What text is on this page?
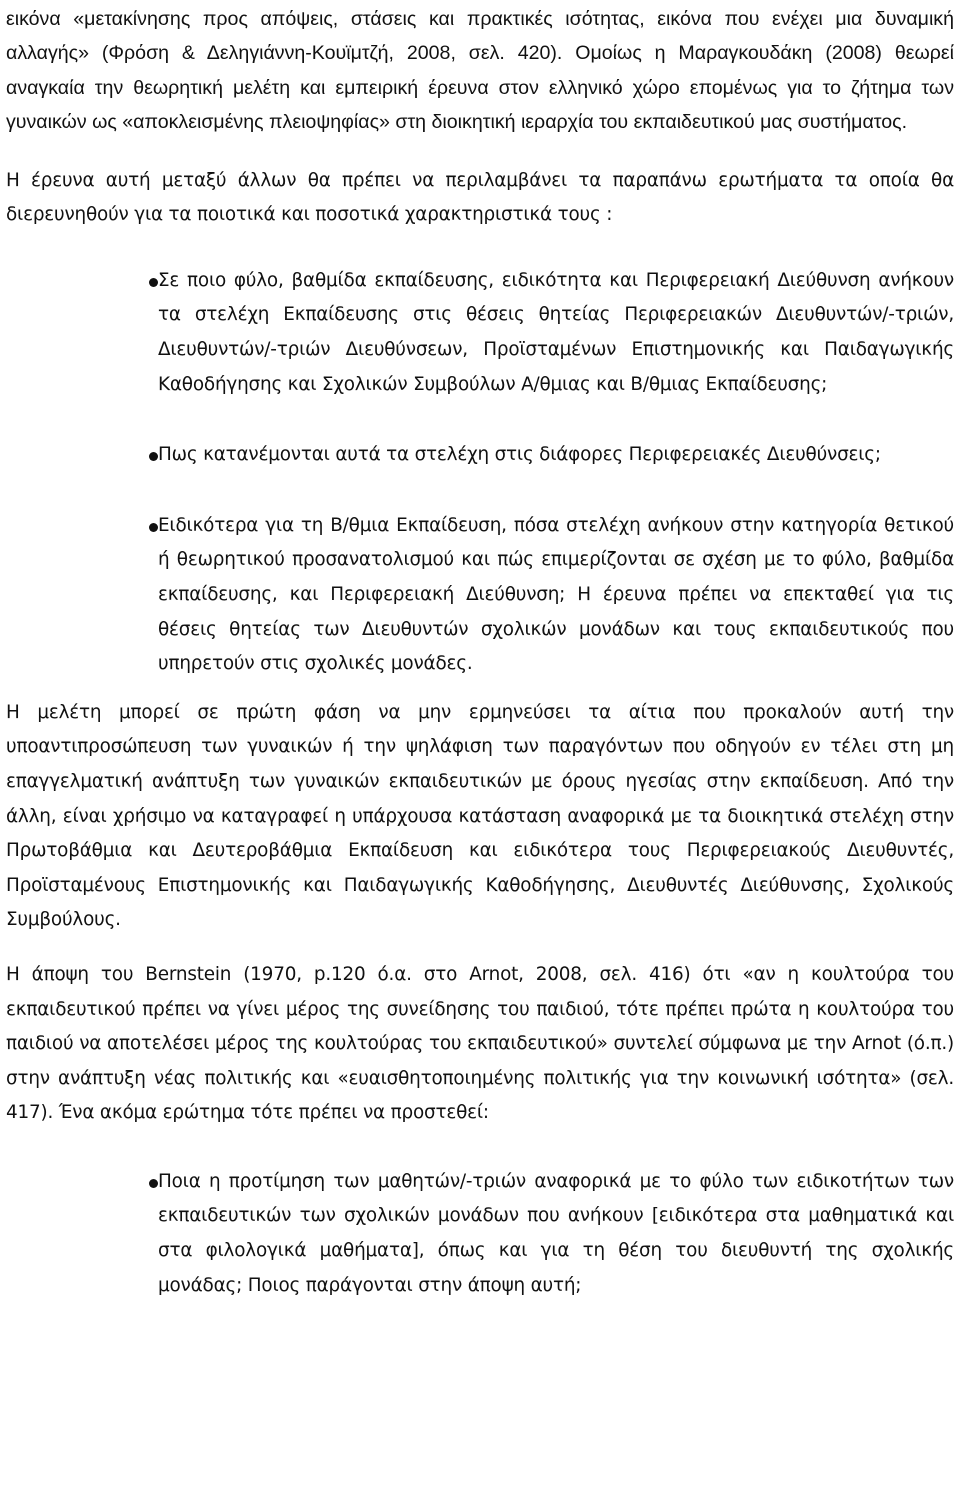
εικόνα «μετακίνησης προς απόψεις, στάσεις και πρακτικές ισότητας, εικόνα που ενέχει μια δυναμική αλλαγής» (Φρόση & Δεληγιάννη-Κουϊμτζή, 2008, σελ. 420). Ομοίως η Μαραγκουδάκη (2008) θεωρεί αναγκαία την θεωρητική μελέτη και εμπειρική έρευνα στον ελληνικό χώρο επομένως για το ζήτημα των γυναικών ως «αποκλεισμένης πλειοψηφίας» στη διοικητική ιεραρχία του εκπαιδευτικού μας συστήματος.

Η έρευνα αυτή μεταξύ άλλων θα πρέπει να περιλαμβάνει τα παραπάνω ερωτήματα τα οποία θα διερευνηθούν για τα ποιοτικά και ποσοτικά χαρακτηριστικά τους :

Σε ποιο φύλο, βαθμίδα εκπαίδευσης, ειδικότητα και Περιφερειακή Διεύθυνση ανήκουν τα στελέχη Εκπαίδευσης στις θέσεις θητείας Περιφερειακών Διευθυντών/-τριών, Διευθυντών/-τριών Διευθύνσεων, Προϊσταμένων Επιστημονικής και Παιδαγωγικής Καθοδήγησης και Σχολικών Συμβούλων Α/θμιας και Β/θμιας Εκπαίδευσης;

Πως κατανέμονται αυτά τα στελέχη στις διάφορες Περιφερειακές Διευθύνσεις;

Ειδικότερα για τη Β/θμια Εκπαίδευση, πόσα στελέχη ανήκουν στην κατηγορία θετικού ή θεωρητικού προσανατολισμού και πώς επιμερίζονται σε σχέση με το φύλο, βαθμίδα εκπαίδευσης, και Περιφερειακή Διεύθυνση; Η έρευνα πρέπει να επεκταθεί για τις θέσεις θητείας των Διευθυντών σχολικών μονάδων και τους εκπαιδευτικούς που υπηρετούν στις σχολικές μονάδες.

Η μελέτη μπορεί σε πρώτη φάση να μην ερμηνεύσει τα αίτια που προκαλούν αυτή την υποαντιπροσώπευση των γυναικών ή την ψηλάφιση των παραγόντων που οδηγούν εν τέλει στη μη επαγγελματική ανάπτυξη των γυναικών εκπαιδευτικών με όρους ηγεσίας στην εκπαίδευση. Από την άλλη, είναι χρήσιμο να καταγραφεί η υπάρχουσα κατάσταση αναφορικά με τα διοικητικά στελέχη στην Πρωτοβάθμια και Δευτεροβάθμια Εκπαίδευση και ειδικότερα τους Περιφερειακούς Διευθυντές, Προϊσταμένους Επιστημονικής και Παιδαγωγικής Καθοδήγησης, Διευθυντές Διεύθυνσης, Σχολικούς Συμβούλους.

Η άποψη του Bernstein (1970, p.120 ό.α. στο Arnot, 2008, σελ. 416) ότι «αν η κουλτούρα του εκπαιδευτικού πρέπει να γίνει μέρος της συνείδησης του παιδιού, τότε πρέπει πρώτα η κουλτούρα του παιδιού να αποτελέσει μέρος της κουλτούρας του εκπαιδευτικού» συντελεί σύμφωνα με την Arnot (ό.π.) στην ανάπτυξη νέας πολιτικής και «ευαισθητοποιημένης πολιτικής για την κοινωνική ισότητα» (σελ. 417). Ένα ακόμα ερώτημα τότε πρέπει να προστεθεί:

Ποια η προτίμηση των μαθητών/-τριών αναφορικά με το φύλο των ειδικοτήτων των εκπαιδευτικών των σχολικών μονάδων που ανήκουν [ειδικότερα στα μαθηματικά και στα φιλολογικά μαθήματα], όπως και για τη θέση του διευθυντή της σχολικής μονάδας; Ποιος παράγονται στην άποψη αυτή;
